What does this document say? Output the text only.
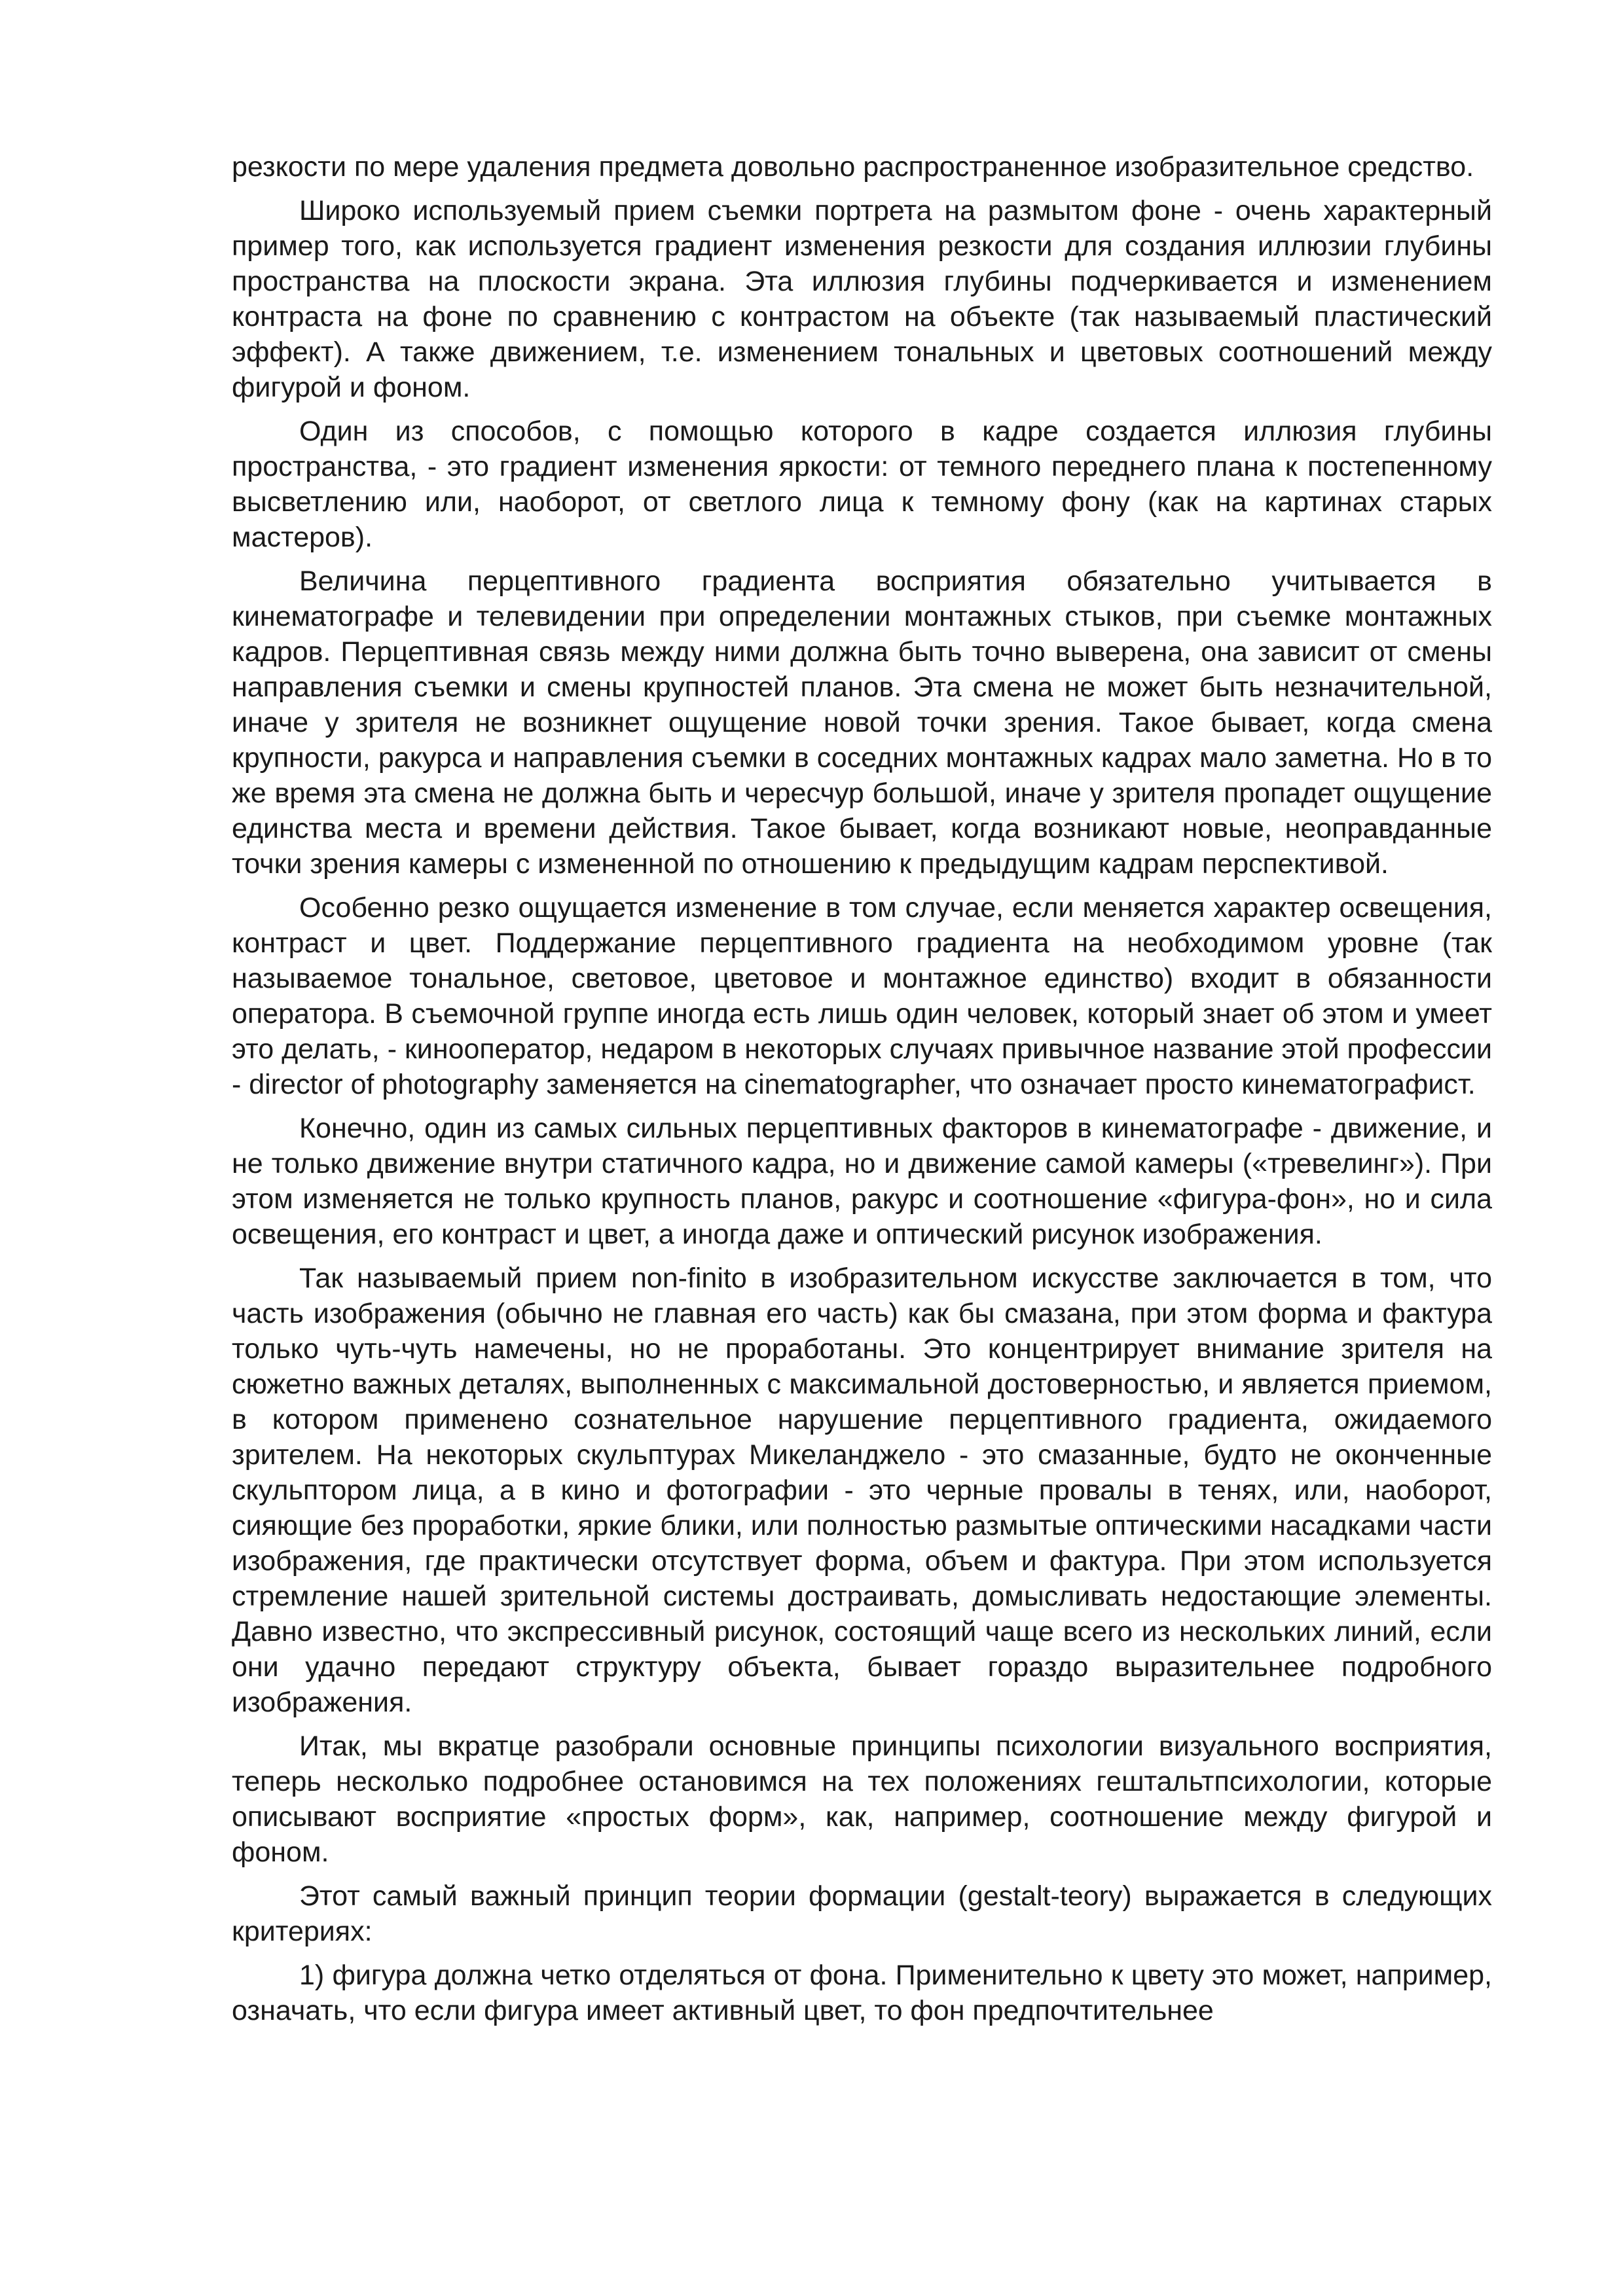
резкости по мере удаления предмета довольно распространенное изобразительное средство.

Широко используемый прием съемки портрета на размытом фоне - очень характерный пример того, как используется градиент изменения резкости для создания иллюзии глубины пространства на плоскости экрана. Эта иллюзия глубины подчеркивается и изменением контраста на фоне по сравнению с контрастом на объекте (так называемый пластический эффект). А также движением, т.е. изменением тональных и цветовых соотношений между фигурой и фоном.

Один из способов, с помощью которого в кадре создается иллюзия глубины пространства, - это градиент изменения яркости: от темного переднего плана к постепенному высветлению или, наоборот, от светлого лица к темному фону (как на картинах старых мастеров).

Величина перцептивного градиента восприятия обязательно учитывается в кинематографе и телевидении при определении монтажных стыков, при съемке монтажных кадров. Перцептивная связь между ними должна быть точно выверена, она зависит от смены направления съемки и смены крупностей планов. Эта смена не может быть незначительной, иначе у зрителя не возникнет ощущение новой точки зрения. Такое бывает, когда смена крупности, ракурса и направления съемки в соседних монтажных кадрах мало заметна. Но в то же время эта смена не должна быть и чересчур большой, иначе у зрителя пропадет ощущение единства места и времени действия. Такое бывает, когда возникают новые, неоправданные точки зрения камеры с измененной по отношению к предыдущим кадрам перспективой.

Особенно резко ощущается изменение в том случае, если меняется характер освещения, контраст и цвет. Поддержание перцептивного градиента на необходимом уровне (так называемое тональное, световое, цветовое и монтажное единство) входит в обязанности оператора. В съемочной группе иногда есть лишь один человек, который знает об этом и умеет это делать, - кинооператор, недаром в некоторых случаях привычное название этой профессии - director of photography заменяется на cinematographer, что означает просто кинематографист.

Конечно, один из самых сильных перцептивных факторов в кинематографе - движение, и не только движение внутри статичного кадра, но и движение самой камеры («тревелинг»). При этом изменяется не только крупность планов, ракурс и соотношение «фигура-фон», но и сила освещения, его контраст и цвет, а иногда даже и оптический рисунок изображения.

Так называемый прием non-finito в изобразительном искусстве заключается в том, что часть изображения (обычно не главная его часть) как бы смазана, при этом форма и фактура только чуть-чуть намечены, но не проработаны. Это концентрирует внимание зрителя на сюжетно важных деталях, выполненных с максимальной достоверностью, и является приемом, в котором применено сознательное нарушение перцептивного градиента, ожидаемого зрителем. На некоторых скульптурах Микеланджело - это смазанные, будто не оконченные скульптором лица, а в кино и фотографии - это черные провалы в тенях, или, наоборот, сияющие без проработки, яркие блики, или полностью размытые оптическими насадками части изображения, где практически отсутствует форма, объем и фактура. При этом используется стремление нашей зрительной системы достраивать, домысливать недостающие элементы. Давно известно, что экспрессивный рисунок, состоящий чаще всего из нескольких линий, если они удачно передают структуру объекта, бывает гораздо выразительнее подробного изображения.

Итак, мы вкратце разобрали основные принципы психологии визуального восприятия, теперь несколько подробнее остановимся на тех положениях гештальтпсихологии, которые описывают восприятие «простых форм», как, например, соотношение между фигурой и фоном.

Этот самый важный принцип теории формации (gestalt-teory) выражается в следующих критериях:

1) фигура должна четко отделяться от фона. Применительно к цвету это может, например, означать, что если фигура имеет активный цвет, то фон предпочтительнее
